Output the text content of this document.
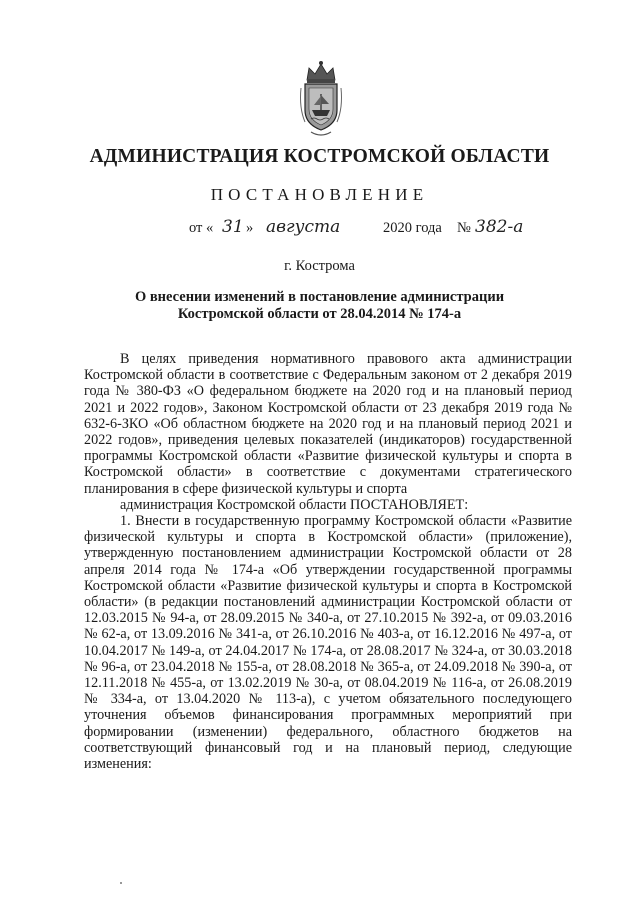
АДМИНИСТРАЦИЯ КОСТРОМСКОЙ ОБЛАСТИ
ПОСТАНОВЛЕНИЕ
от « 31 » августа	2020 года № 382-а
г. Кострома
О внесении изменений в постановление администрации
Костромской области от 28.04.2014 № 174-а

В целях приведения нормативного правового акта администрации Костромской области в соответствие с Федеральным законом от 2 декабря 2019 года № 380-ФЗ «О федеральном бюджете на 2020 год и на плановый период 2021 и 2022 годов», Законом Костромской области от 23 декабря 2019 года № 632-6-ЗКО «Об областном бюджете на 2020 год и на плановый период 2021 и 2022 годов», приведения целевых показателей (индикаторов) государственной программы Костромской области «Развитие физической культуры и спорта в Костромской области» в соответствие с документами стратегического планирования в сфере физической культуры и спорта

администрация Костромской области ПОСТАНОВЛЯЕТ:

1. Внести в государственную программу Костромской области «Развитие физической культуры и спорта в Костромской области» (приложение), утвержденную постановлением администрации Костромской области от 28 апреля 2014 года № 174-а «Об утверждении государственной программы Костромской области «Развитие физической культуры и спорта в Костромской области» (в редакции постановлений администрации Костромской области от 12.03.2015 № 94-а, от 28.09.2015 № 340-а, от 27.10.2015 № 392-а, от 09.03.2016 № 62-а, от 13.09.2016 № 341-а, от 26.10.2016 № 403-а, от 16.12.2016 № 497-а, от 10.04.2017 № 149-а, от 24.04.2017 № 174-а, от 28.08.2017 № 324-а, от 30.03.2018 № 96-а, от 23.04.2018 № 155-а, от 28.08.2018 № 365-а, от 24.09.2018 № 390-а, от 12.11.2018 № 455-а, от 13.02.2019 № 30-а, от 08.04.2019 № 116-а, от 26.08.2019 № 334-а, от 13.04.2020 № 113-а), с учетом обязательного последующего уточнения объемов финансирования программных мероприятий при формировании (изменении) федерального, областного бюджетов на соответствующий финансовый год и на плановый период, следующие изменения:
